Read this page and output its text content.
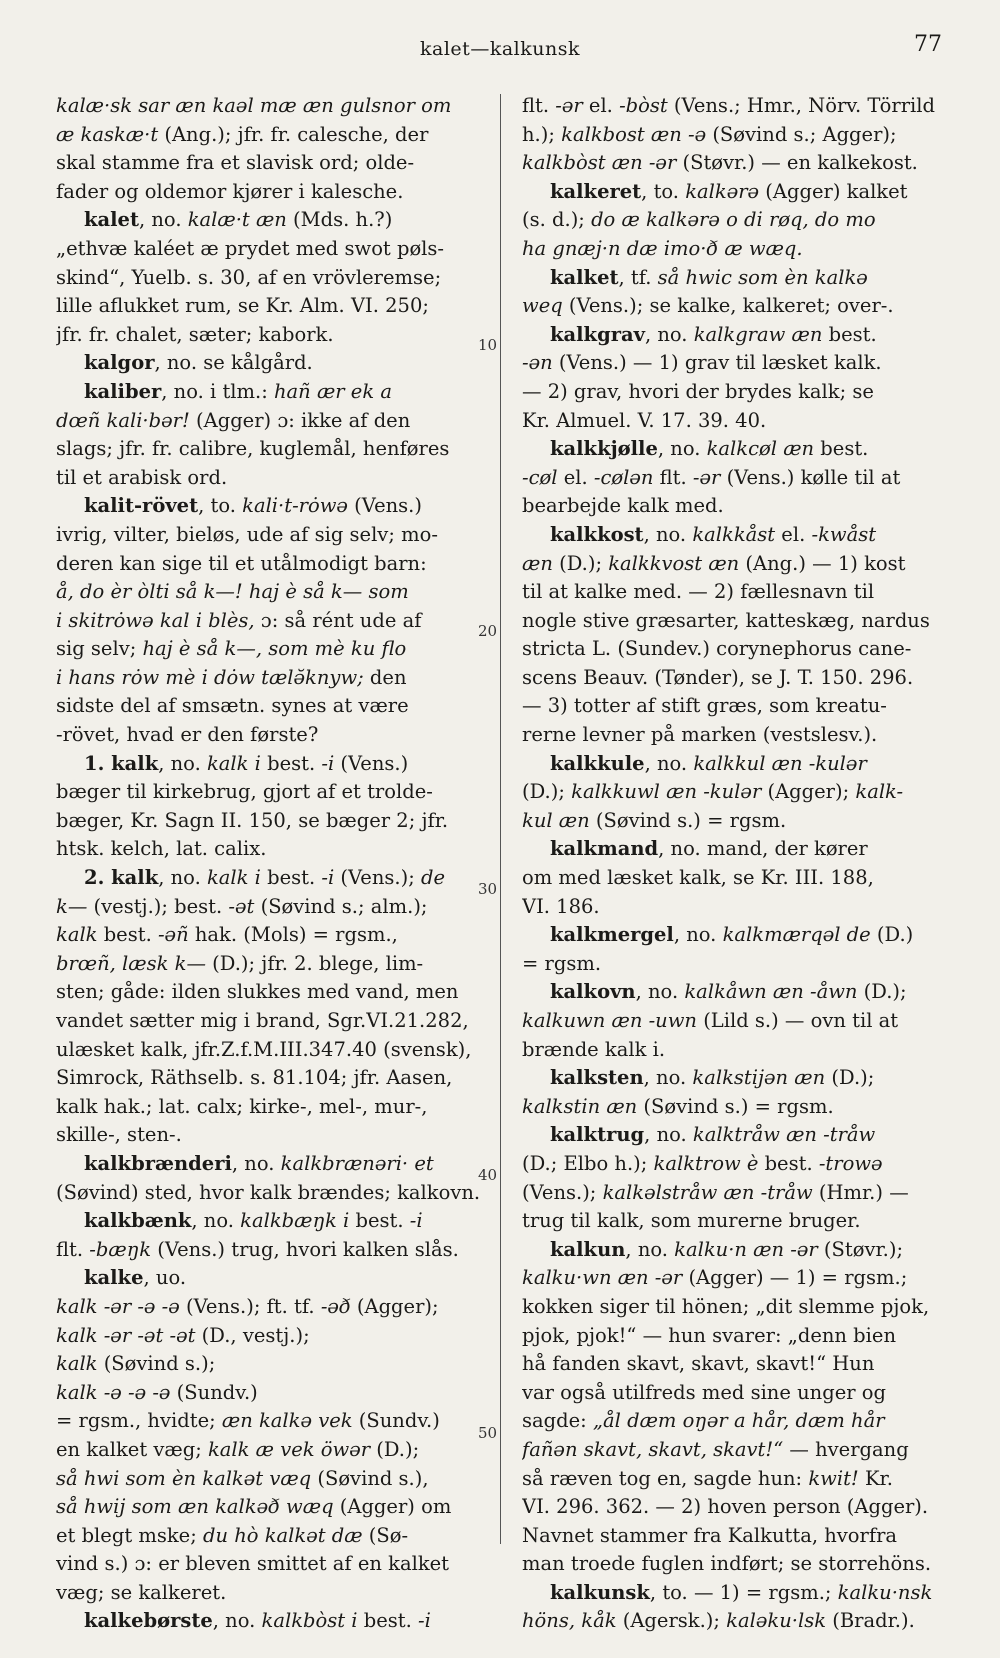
kalet—kalkunsk	77
kalæ·sk sar æn kaəl mæ æn gulsnor om
æ kaskæ·t (Ang.); jfr. fr. calesche, der
skal stamme fra et slavisk ord; olde-
fader og oldemor kjører i kalesche.
kalet, no. kalæ·t æn (Mds. h.?)
„ethvæ kaléet æ prydet med swot pøls-
skind“, Yuelb. s. 30, af en vrövleremse;
lille aflukket rum, se Kr. Alm. VI. 250;
jfr. fr. chalet, sæter; kabork.
kalgor, no. se kålgård.
kaliber, no. i tlm.: hañ ær ek a
dœñ kali·bər! (Agger) ɔ: ikke af den
slags; jfr. fr. calibre, kuglemål, henføres
til et arabisk ord.
kalit-rövet, to. kali·t-rȯwə (Vens.)
ivrig, vilter, bieløs, ude af sig selv; mo-
deren kan sige til et utålmodigt barn:
å, do èr òlti så k—! haj è så k— som
i skitrȯwə kal i blès, ɔ: så rént ude af
sig selv; haj è så k—, som mè ku flo
i hans rȯw mè i dȯw tælə̆knyw; den
sidste del af smsætn. synes at være
-rövet, hvad er den første?
1. kalk, no. kalk i best. -i (Vens.)
bæger til kirkebrug, gjort af et trolde-
bæger, Kr. Sagn II. 150, se bæger 2; jfr.
htsk. kelch, lat. calix.
2. kalk, no. kalk i best. -i (Vens.); de
k— (vestj.); best. -ət (Søvind s.; alm.);
kalk best. -əñ hak. (Mols) = rgsm.,
brœñ, læsk k— (D.); jfr. 2. blege, lim-
sten; gåde: ilden slukkes med vand, men
vandet sætter mig i brand, Sgr.VI.21.282,
ulæsket kalk, jfr.Z.f.M.III.347.40 (svensk),
Simrock, Räthselb. s. 81.104; jfr. Aasen,
kalk hak.; lat. calx; kirke-, mel-, mur-,
skille-, sten-.
kalkbrænderi, no. kalkbrænəri· et
(Søvind) sted, hvor kalk brændes; kalkovn.
kalkbænk, no. kalkbæŋk i best. -i
flt. -bæŋk (Vens.) trug, hvori kalken slås.
kalke, uo.
kalk -ər -ə -ə (Vens.); ft. tf. -əð (Agger);
kalk -ər -ət -ət (D., vestj.);
kalk (Søvind s.);
kalk -ə -ə -ə (Sundv.)
= rgsm., hvidte; æn kalkə vek (Sundv.)
en kalket væg; kalk æ vek öwər (D.);
så hwi som èn kalkət væq (Søvind s.),
så hwij som æn kalkəð wæq (Agger) om
et blegt mske; du hò kalkət dæ (Sø-
vind s.) ɔ: er bleven smittet af en kalket
væg; se kalkeret.
kalkebørste, no. kalkbòst i best. -i
flt. -ər el. -bòst (Vens.; Hmr., Nörv. Törrild
h.); kalkbost æn -ə (Søvind s.; Agger);
kalkbòst æn -ər (Støvr.) — en kalkekost.
kalkeret, to. kalkərə (Agger) kalket
(s. d.); do æ kalkərə o di røq, do mo
ha gnæj·n dæ imo·ð æ wæq.
kalket, tf. så hwic som èn kalkə
weq (Vens.); se kalke, kalkeret; over-.
kalkgrav, no. kalkgraw æn best.
-ən (Vens.) — 1) grav til læsket kalk.
— 2) grav, hvori der brydes kalk; se
Kr. Almuel. V. 17. 39. 40.
kalkkjølle, no. kalkcøl æn best.
-cøl el. -cølən flt. -ər (Vens.) kølle til at
bearbejde kalk med.
kalkkost, no. kalkkåst el. -kwåst
æn (D.); kalkkvost æn (Ang.) — 1) kost
til at kalke med. — 2) fællesnavn til
nogle stive græsarter, katteskæg, nardus
stricta L. (Sundev.) corynephorus cane-
scens Beauv. (Tønder), se J. T. 150. 296.
— 3) totter af stift græs, som kreatu-
rerne levner på marken (vestslesv.).
kalkkule, no. kalkkul æn -kulər
(D.); kalkkuwl æn -kulər (Agger); kalk-
kul æn (Søvind s.) = rgsm.
kalkmand, no. mand, der kører
om med læsket kalk, se Kr. III. 188,
VI. 186.
kalkmergel, no. kalkmærqəl de (D.)
= rgsm.
kalkovn, no. kalkåwn æn -åwn (D.);
kalkuwn æn -uwn (Lild s.) — ovn til at
brænde kalk i.
kalksten, no. kalkstijən æn (D.);
kalkstin æn (Søvind s.) = rgsm.
kalktrug, no. kalktråw æn -tråw
(D.; Elbo h.); kalktrow è best. -trowə
(Vens.); kalkəlstråw æn -tråw (Hmr.) —
trug til kalk, som murerne bruger.
kalkun, no. kalku·n æn -ər (Støvr.);
kalku·wn æn -ər (Agger) — 1) = rgsm.;
kokken siger til hönen; „dit slemme pjok,
pjok, pjok!“ — hun svarer: „denn bien
hå fanden skavt, skavt, skavt!“ Hun
var også utilfreds med sine unger og
sagde: „ål dæm oŋər a hår, dæm hår
fañən skavt, skavt, skavt!“ — hvergang
så ræven tog en, sagde hun: kwit! Kr.
VI. 296. 362. — 2) hoven person (Agger).
Navnet stammer fra Kalkutta, hvorfra
man troede fuglen indført; se storrehöns.
kalkunsk, to. — 1) = rgsm.; kalku·nsk
höns, kåk (Agersk.); kaləku·lsk (Bradr.).
10
20
30
40
50
